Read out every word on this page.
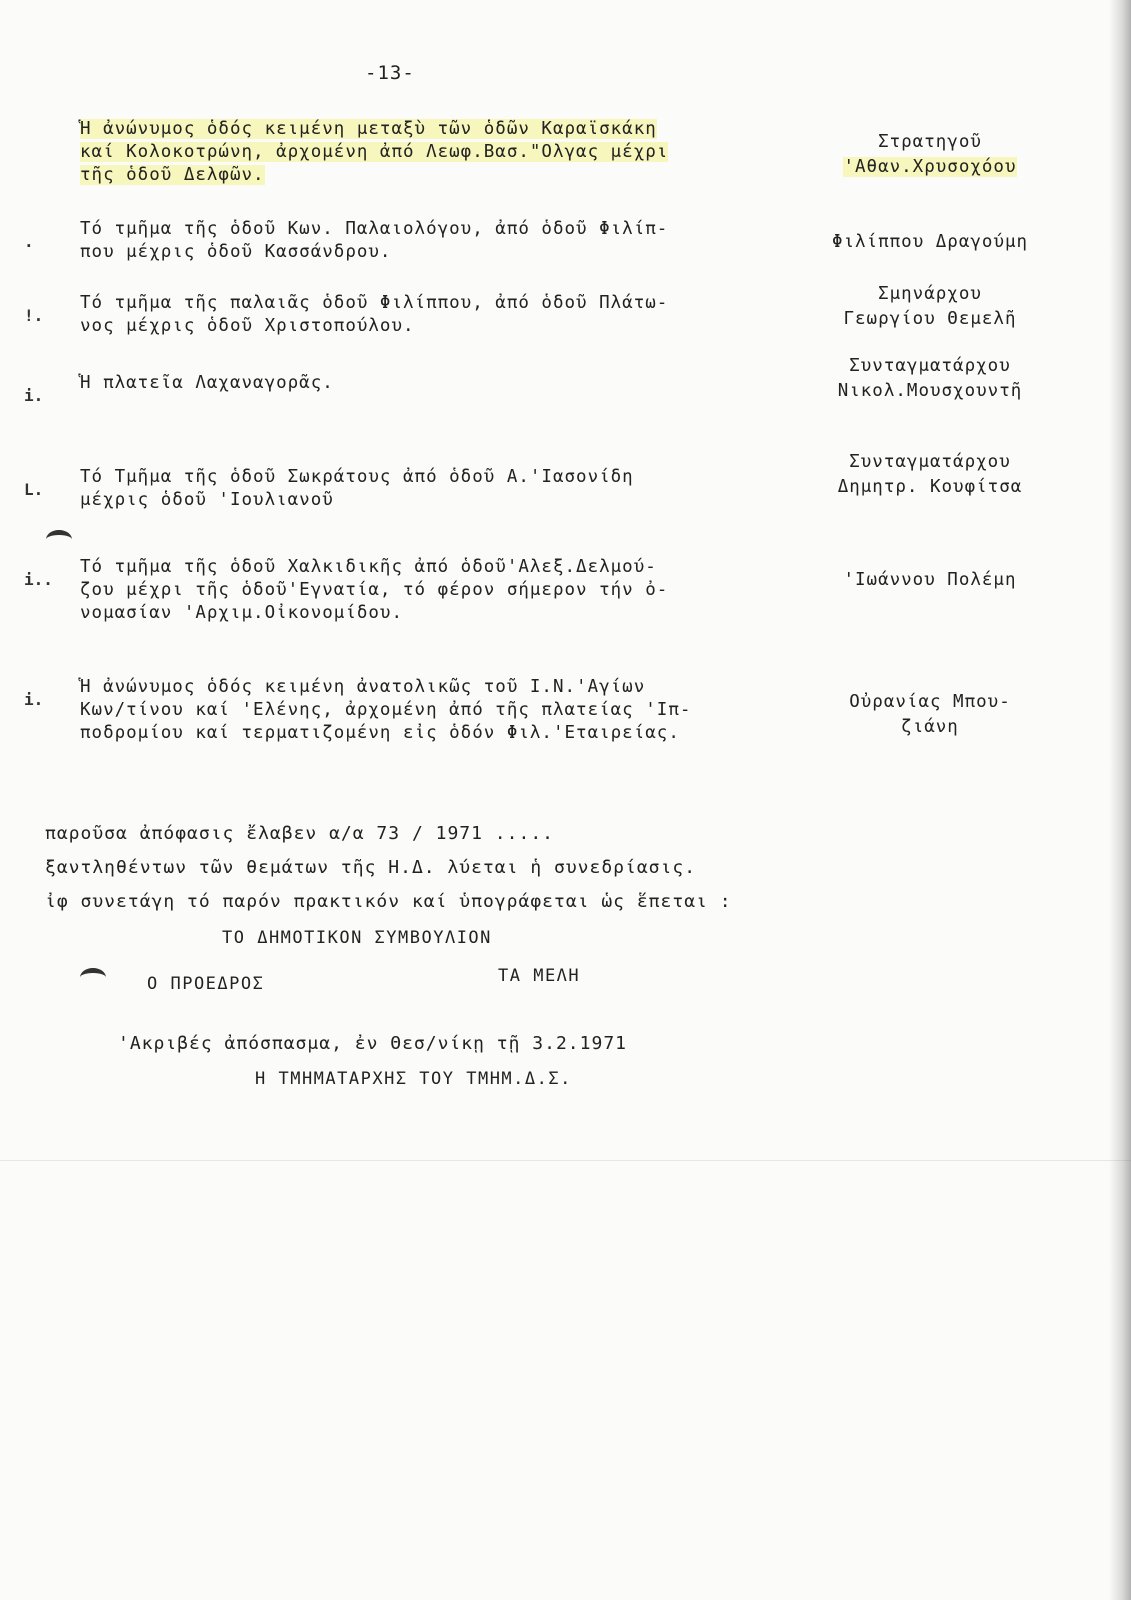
-13-
Ἡ ἀνώνυμος ὁδός κειμένη μεταξὺ τῶν ὁδῶν Καραϊσκάκη
καί Κολοκοτρώνη, ἀρχομένη ἀπό Λεωφ.Βασ."Ολγας μέχρι
τῆς ὁδοῦ Δελφῶν.
Στρατηγοῦ
'Αθαν.Χρυσοχόου
.
Τό τμῆμα τῆς ὁδοῦ Κων. Παλαιολόγου, ἀπό ὁδοῦ Φιλίπ-
που μέχρις ὁδοῦ Κασσάνδρου.	Φιλίππου Δραγούμη
!.
Τό τμῆμα τῆς παλαιᾶς ὁδοῦ Φιλίππου, ἀπό ὁδοῦ Πλάτω-
νος μέχρις ὁδοῦ Χριστοπούλου.
Σμηνάρχου
Γεωργίου Θεμελῆ
i.
Ἡ πλατεῖα Λαχαναγορᾶς.
Συνταγματάρχου
Νικολ.Μουσχουντῆ
L.
Τό Τμῆμα τῆς ὁδοῦ Σωκράτους ἀπό ὁδοῦ Α.'Ιασονίδη
μέχρις ὁδοῦ 'Ιουλιανοῦ
Συνταγματάρχου
Δημητρ. Κουφίτσα
i..
Τό τμῆμα τῆς ὁδοῦ Χαλκιδικῆς ἀπό ὁδοῦ'Αλεξ.Δελμού-
ζου μέχρι τῆς ὁδοῦ'Εγνατία, τό φέρον σήμερον τήν ὀ-
νομασίαν 'Αρχιμ.Οἰκονομίδου.
'Ιωάννου Πολέμη
i.
Ἡ ἀνώνυμος ὁδός κειμένη ἀνατολικῶς τοῦ Ι.Ν.'Αγίων
Κων/τίνου καί 'Ελένης, ἀρχομένη ἀπό τῆς πλατείας 'Ιπ-
ποδρομίου καί τερματιζομένη εἰς ὁδόν Φιλ.'Εταιρείας.
Οὐρανίας Μπου-
ζιάνη
παροῦσα ἀπόφασις ἔλαβεν α/α 73 / 1971 .....
ξαντληθέντων τῶν θεμάτων τῆς Η.Δ. λύεται ἡ συνεδρίασις.
ἰφ συνετάγη τό παρόν πρακτικόν καί ὑπογράφεται ὡς ἕπεται :
ΤΟ ΔΗΜΟΤΙΚΟΝ ΣΥΜΒΟΥΛΙΟΝ
Ο ΠΡΟΕΔΡΟΣ	ΤΑ ΜΕΛΗ
'Ακριβές ἀπόσπασμα, ἐν Θεσ/νίκῃ τῇ 3.2.1971
Η ΤΜΗΜΑΤΑΡΧΗΣ ΤΟΥ ΤΜΗΜ.Δ.Σ.
